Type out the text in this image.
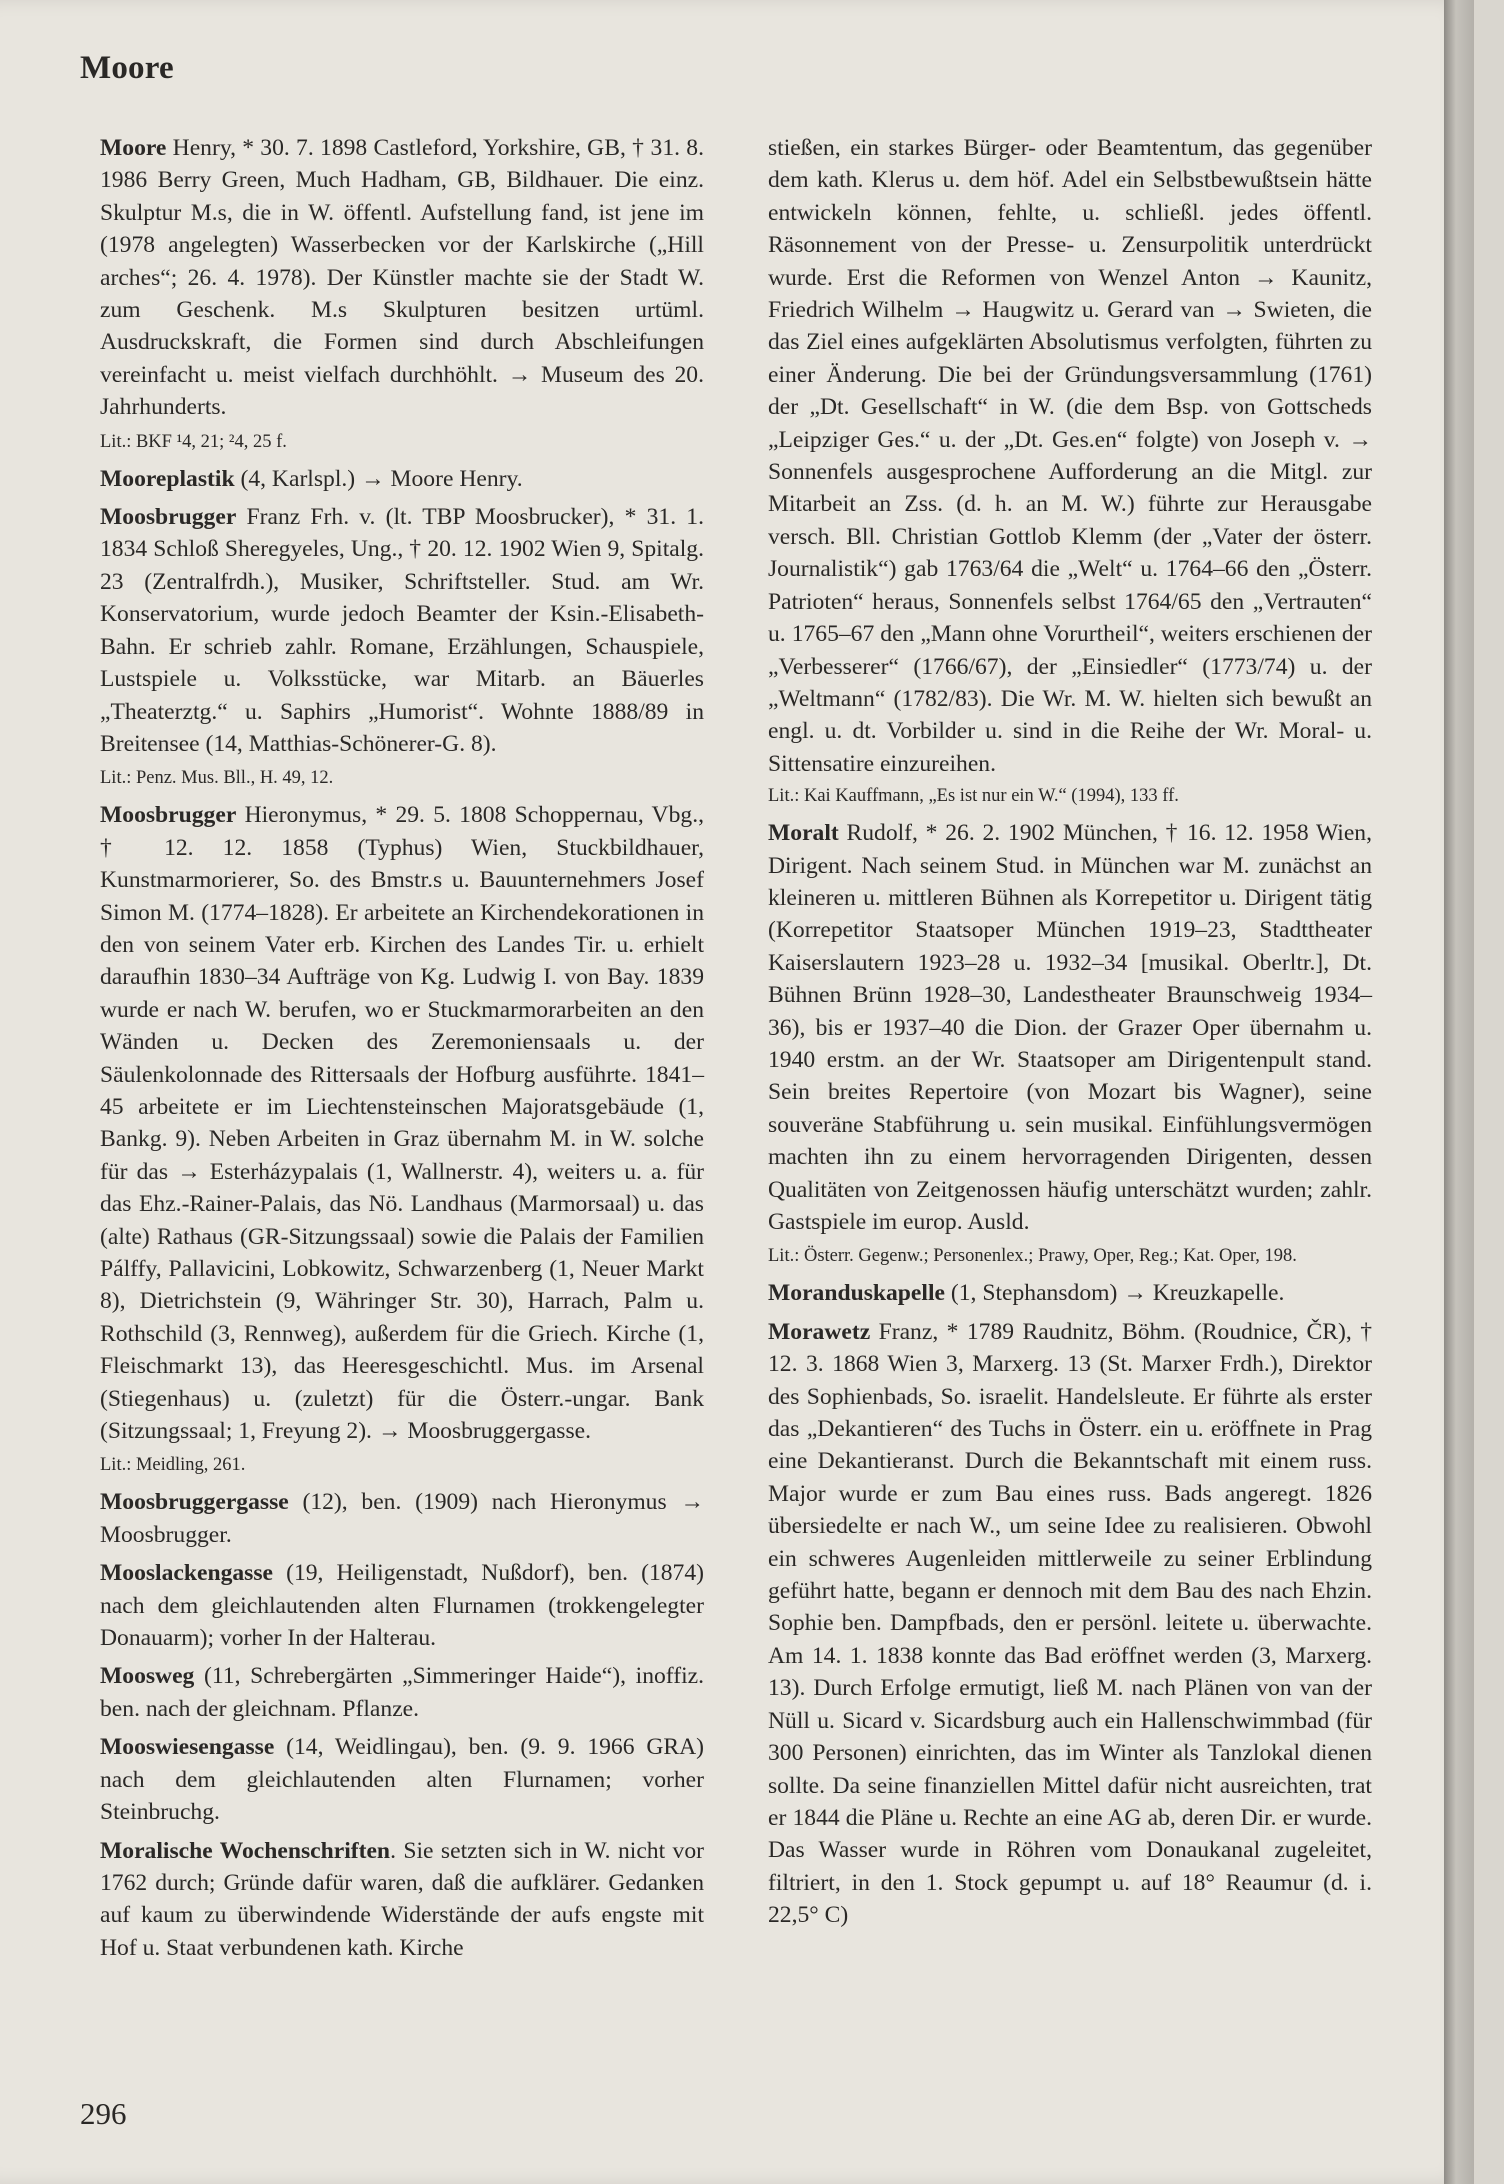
Moore

Moore Henry, * 30. 7. 1898 Castleford, Yorkshire, GB, † 31. 8. 1986 Berry Green, Much Hadham, GB, Bildhauer. Die einz. Skulptur M.s, die in W. öffentl. Aufstellung fand, ist jene im (1978 angelegten) Wasserbecken vor der Karlskirche („Hill arches“; 26. 4. 1978). Der Künstler machte sie der Stadt W. zum Geschenk. M.s Skulpturen besitzen urtüml. Ausdruckskraft, die Formen sind durch Abschleifungen vereinfacht u. meist vielfach durchhöhlt. → Museum des 20. Jahrhunderts.

Lit.: BKF ¹4, 21; ²4, 25 f.

Mooreplastik (4, Karlspl.) → Moore Henry.

Moosbrugger Franz Frh. v. (lt. TBP Moosbrucker), * 31. 1. 1834 Schloß Sheregyeles, Ung., † 20. 12. 1902 Wien 9, Spitalg. 23 (Zentralfrdh.), Musiker, Schriftsteller. Stud. am Wr. Konservatorium, wurde jedoch Beamter der Ksin.-Elisabeth-Bahn. Er schrieb zahlr. Romane, Erzählungen, Schauspiele, Lustspiele u. Volksstücke, war Mitarb. an Bäuerles „Theaterztg.“ u. Saphirs „Humorist“. Wohnte 1888/89 in Breitensee (14, Matthias-Schönerer-G. 8).

Lit.: Penz. Mus. Bll., H. 49, 12.

Moosbrugger Hieronymus, * 29. 5. 1808 Schoppernau, Vbg., † 12. 12. 1858 (Typhus) Wien, Stuckbildhauer, Kunstmarmorierer, So. des Bmstr.s u. Bauunternehmers Josef Simon M. (1774–1828). Er arbeitete an Kirchendekorationen in den von seinem Vater erb. Kirchen des Landes Tir. u. erhielt daraufhin 1830–34 Aufträge von Kg. Ludwig I. von Bay. 1839 wurde er nach W. berufen, wo er Stuckmarmorarbeiten an den Wänden u. Decken des Zeremoniensaals u. der Säulenkolonnade des Rittersaals der Hofburg ausführte. 1841–45 arbeitete er im Liechtensteinschen Majoratsgebäude (1, Bankg. 9). Neben Arbeiten in Graz übernahm M. in W. solche für das → Esterházypalais (1, Wallnerstr. 4), weiters u. a. für das Ehz.-Rainer-Palais, das Nö. Landhaus (Marmorsaal) u. das (alte) Rathaus (GR-Sitzungssaal) sowie die Palais der Familien Pálffy, Pallavicini, Lobkowitz, Schwarzenberg (1, Neuer Markt 8), Dietrichstein (9, Währinger Str. 30), Harrach, Palm u. Rothschild (3, Rennweg), außerdem für die Griech. Kirche (1, Fleischmarkt 13), das Heeresgeschichtl. Mus. im Arsenal (Stiegenhaus) u. (zuletzt) für die Österr.-ungar. Bank (Sitzungssaal; 1, Freyung 2). → Moosbruggergasse.

Lit.: Meidling, 261.

Moosbruggergasse (12), ben. (1909) nach Hieronymus → Moosbrugger.

Mooslackengasse (19, Heiligenstadt, Nußdorf), ben. (1874) nach dem gleichlautenden alten Flurnamen (trokkengelegter Donauarm); vorher In der Halterau.

Moosweg (11, Schrebergärten „Simmeringer Haide“), inoffiz. ben. nach der gleichnam. Pflanze.

Mooswiesengasse (14, Weidlingau), ben. (9. 9. 1966 GRA) nach dem gleichlautenden alten Flurnamen; vorher Steinbruchg.

Moralische Wochenschriften. Sie setzten sich in W. nicht vor 1762 durch; Gründe dafür waren, daß die aufklärer. Gedanken auf kaum zu überwindende Widerstände der aufs engste mit Hof u. Staat verbundenen kath. Kirche

stießen, ein starkes Bürger- oder Beamtentum, das gegenüber dem kath. Klerus u. dem höf. Adel ein Selbstbewußtsein hätte entwickeln können, fehlte, u. schließl. jedes öffentl. Räsonnement von der Presse- u. Zensurpolitik unterdrückt wurde. Erst die Reformen von Wenzel Anton → Kaunitz, Friedrich Wilhelm → Haugwitz u. Gerard van → Swieten, die das Ziel eines aufgeklärten Absolutismus verfolgten, führten zu einer Änderung. Die bei der Gründungsversammlung (1761) der „Dt. Gesellschaft“ in W. (die dem Bsp. von Gottscheds „Leipziger Ges.“ u. der „Dt. Ges.en“ folgte) von Joseph v. → Sonnenfels ausgesprochene Aufforderung an die Mitgl. zur Mitarbeit an Zss. (d. h. an M. W.) führte zur Herausgabe versch. Bll. Christian Gottlob Klemm (der „Vater der österr. Journalistik“) gab 1763/64 die „Welt“ u. 1764–66 den „Österr. Patrioten“ heraus, Sonnenfels selbst 1764/65 den „Vertrauten“ u. 1765–67 den „Mann ohne Vorurtheil“, weiters erschienen der „Verbesserer“ (1766/67), der „Einsiedler“ (1773/74) u. der „Weltmann“ (1782/83). Die Wr. M. W. hielten sich bewußt an engl. u. dt. Vorbilder u. sind in die Reihe der Wr. Moral- u. Sittensatire einzureihen.

Lit.: Kai Kauffmann, „Es ist nur ein W.“ (1994), 133 ff.

Moralt Rudolf, * 26. 2. 1902 München, † 16. 12. 1958 Wien, Dirigent. Nach seinem Stud. in München war M. zunächst an kleineren u. mittleren Bühnen als Korrepetitor u. Dirigent tätig (Korrepetitor Staatsoper München 1919–23, Stadttheater Kaiserslautern 1923–28 u. 1932–34 [musikal. Oberltr.], Dt. Bühnen Brünn 1928–30, Landestheater Braunschweig 1934–36), bis er 1937–40 die Dion. der Grazer Oper übernahm u. 1940 erstm. an der Wr. Staatsoper am Dirigentenpult stand. Sein breites Repertoire (von Mozart bis Wagner), seine souveräne Stabführung u. sein musikal. Einfühlungsvermögen machten ihn zu einem hervorragenden Dirigenten, dessen Qualitäten von Zeitgenossen häufig unterschätzt wurden; zahlr. Gastspiele im europ. Ausld.

Lit.: Österr. Gegenw.; Personenlex.; Prawy, Oper, Reg.; Kat. Oper, 198.

Moranduskapelle (1, Stephansdom) → Kreuzkapelle.

Morawetz Franz, * 1789 Raudnitz, Böhm. (Roudnice, ČR), † 12. 3. 1868 Wien 3, Marxerg. 13 (St. Marxer Frdh.), Direktor des Sophienbads, So. israelit. Handelsleute. Er führte als erster das „Dekantieren“ des Tuchs in Österr. ein u. eröffnete in Prag eine Dekantieranst. Durch die Bekanntschaft mit einem russ. Major wurde er zum Bau eines russ. Bads angeregt. 1826 übersiedelte er nach W., um seine Idee zu realisieren. Obwohl ein schweres Augenleiden mittlerweile zu seiner Erblindung geführt hatte, begann er dennoch mit dem Bau des nach Ehzin. Sophie ben. Dampfbads, den er persönl. leitete u. überwachte. Am 14. 1. 1838 konnte das Bad eröffnet werden (3, Marxerg. 13). Durch Erfolge ermutigt, ließ M. nach Plänen von van der Nüll u. Sicard v. Sicardsburg auch ein Hallenschwimmbad (für 300 Personen) einrichten, das im Winter als Tanzlokal dienen sollte. Da seine finanziellen Mittel dafür nicht ausreichten, trat er 1844 die Pläne u. Rechte an eine AG ab, deren Dir. er wurde. Das Wasser wurde in Röhren vom Donaukanal zugeleitet, filtriert, in den 1. Stock gepumpt u. auf 18° Reaumur (d. i. 22,5° C)

296
